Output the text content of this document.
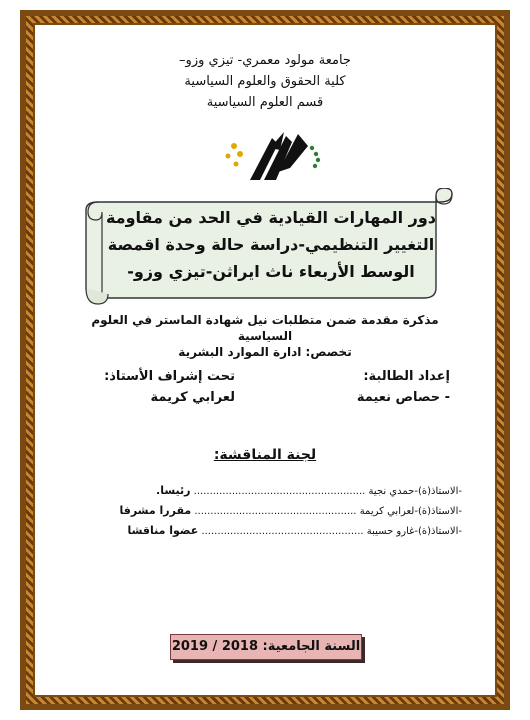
جامعة مولود معمري- تيزي وزو–
كلية الحقوق والعلوم السياسية
قسم العلوم السياسية
دور المهارات القيادية في الحد من مقاومة
التغيير التنظيمي-دراسة حالة وحدة اقمصة
الوسط الأربعاء ناث ايراثن-تيزي وزو-
مذكرة مقدمة ضمن متطلبات نيل شهادة الماستر في العلوم السياسية
تخصص: ادارة الموارد البشرية
إعداد الطالبة:
- حصاص نعيمة
تحت إشراف الأستاذ:
لعرابي كريمة
لجنة المناقشة:
-الاستاذ(ة)-حمدي نجية ...................................................... رئيسا.
-الاستاذ(ة)-لعرابي كريمة ................................................... مقررا مشرفا
-الاستاذ(ة)-غارو حسيبة ................................................... عضوا مناقشا
السنة الجامعية: 2018 / 2019
